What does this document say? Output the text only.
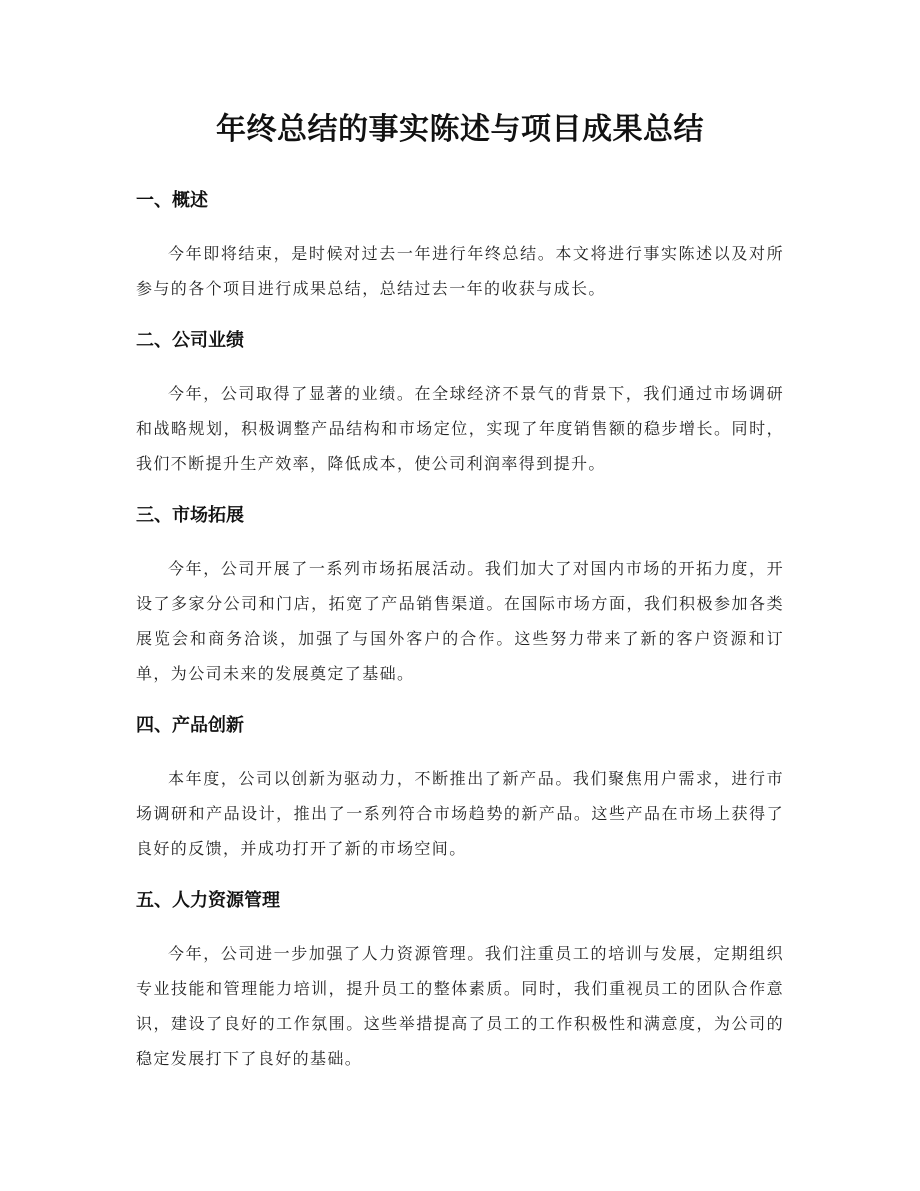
年终总结的事实陈述与项目成果总结
一、概述

今年即将结束，是时候对过去一年进行年终总结。本文将进行事实陈述以及对所参与的各个项目进行成果总结，总结过去一年的收获与成长。

二、公司业绩

今年，公司取得了显著的业绩。在全球经济不景气的背景下，我们通过市场调研和战略规划，积极调整产品结构和市场定位，实现了年度销售额的稳步增长。同时，我们不断提升生产效率，降低成本，使公司利润率得到提升。

三、市场拓展

今年，公司开展了一系列市场拓展活动。我们加大了对国内市场的开拓力度，开设了多家分公司和门店，拓宽了产品销售渠道。在国际市场方面，我们积极参加各类展览会和商务洽谈，加强了与国外客户的合作。这些努力带来了新的客户资源和订单，为公司未来的发展奠定了基础。

四、产品创新

本年度，公司以创新为驱动力，不断推出了新产品。我们聚焦用户需求，进行市场调研和产品设计，推出了一系列符合市场趋势的新产品。这些产品在市场上获得了良好的反馈，并成功打开了新的市场空间。

五、人力资源管理

今年，公司进一步加强了人力资源管理。我们注重员工的培训与发展，定期组织专业技能和管理能力培训，提升员工的整体素质。同时，我们重视员工的团队合作意识，建设了良好的工作氛围。这些举措提高了员工的工作积极性和满意度，为公司的稳定发展打下了良好的基础。
